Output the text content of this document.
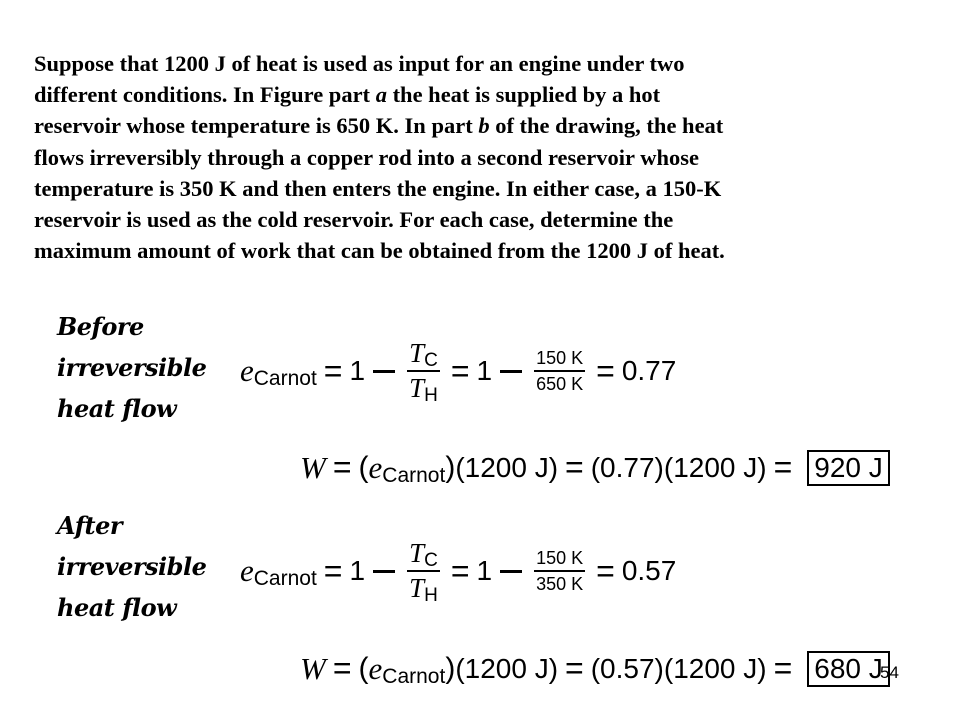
Suppose that 1200 J of heat is used as input for an engine under two
different conditions. In Figure part a the heat is supplied by a hot
reservoir whose temperature is 650 K. In part b of the drawing, the heat
flows irreversibly through a copper rod into a second reservoir whose
temperature is 350 K and then enters the engine. In either case, a 150-K
reservoir is used as the cold reservoir. For each case, determine the
maximum amount of work that can be obtained from the 1200 J of heat.
Before
irreversible
heat flow
e Carnot = $1 \frac{TC}{TH} = 1 \frac{150 K}{650 K} = 0.77$
W = ( e Carnot ) (1200 J) = (0.77) (1200 J) = 920 J
After
irreversible
heat flow
e Carnot = $1 \frac{TC}{TH} = 1 \frac{150 K}{350 K} = 0.57$
W = ( e Carnot ) (1200 J) = (0.57) (1200 J) = 680 J
54
